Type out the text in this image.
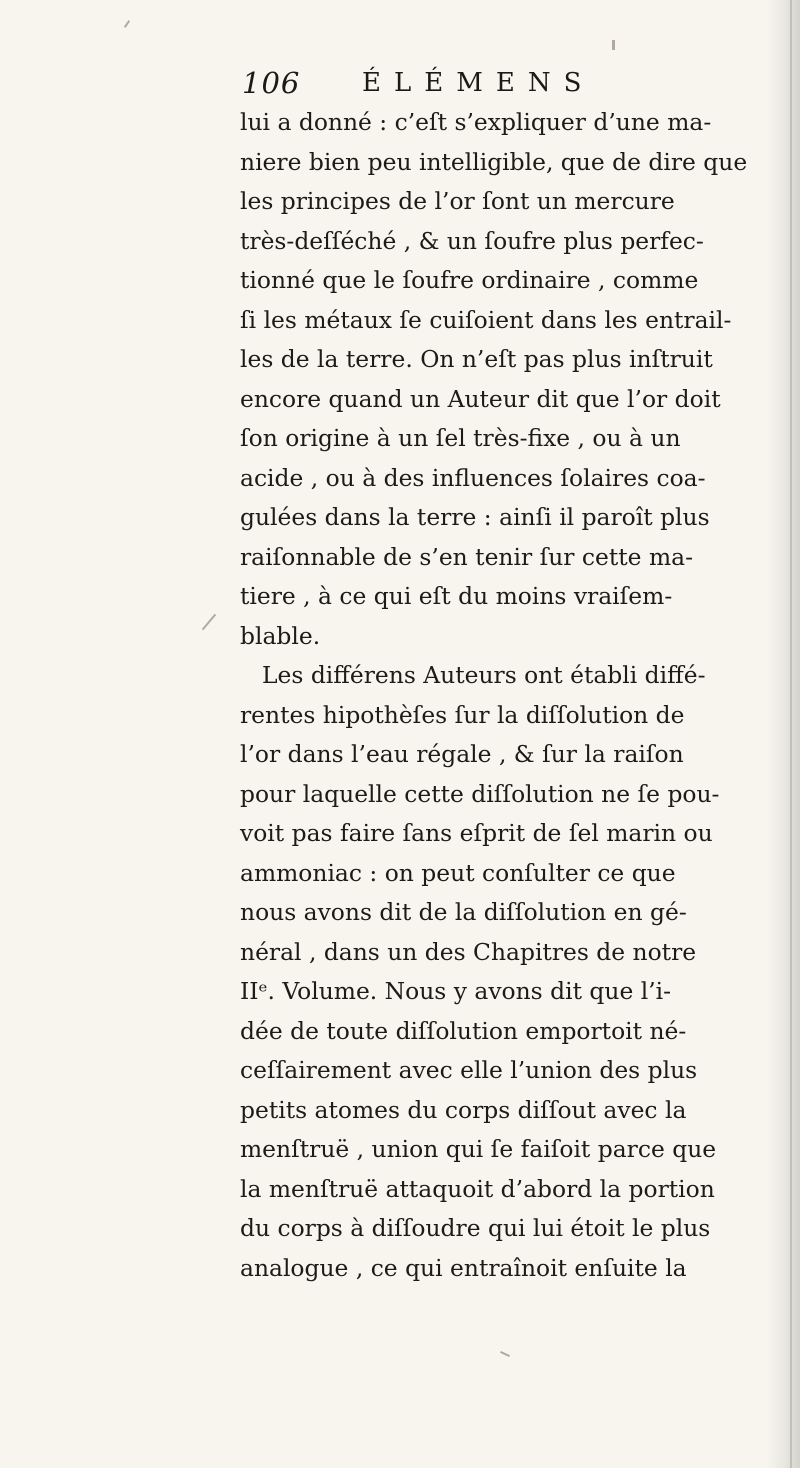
106 ÉLÉMENS
lui a donné : c’eſt s’expliquer d’une ma-
niere bien peu intelligible, que de dire que
les principes de l’or ſont un mercure
très-deſſéché , & un ſoufre plus perfec-
tionné que le ſoufre ordinaire , comme
ſi les métaux ſe cuiſoient dans les entrail-
les de la terre. On n’eſt pas plus inſtruit
encore quand un Auteur dit que l’or doit
ſon origine à un ſel très-fixe , ou à un
acide , ou à des influences ſolaires coa-
gulées dans la terre : ainſi il paroît plus
raiſonnable de s’en tenir ſur cette ma-
tiere , à ce qui eſt du moins vraiſem-
blable.
Les différens Auteurs ont établi diffé-
rentes hipothèſes ſur la diſſolution de
l’or dans l’eau régale , & ſur la raiſon
pour laquelle cette diſſolution ne ſe pou-
voit pas faire ſans eſprit de ſel marin ou
ammoniac : on peut conſulter ce que
nous avons dit de la diſſolution en gé-
néral , dans un des Chapitres de notre
IIᵉ. Volume. Nous y avons dit que l’i-
dée de toute diſſolution emportoit né-
ceſſairement avec elle l’union des plus
petits atomes du corps diſſout avec la
menſtruë , union qui ſe faiſoit parce que
la menſtruë attaquoit d’abord la portion
du corps à diſſoudre qui lui étoit le plus
analogue , ce qui entraînoit enſuite la
